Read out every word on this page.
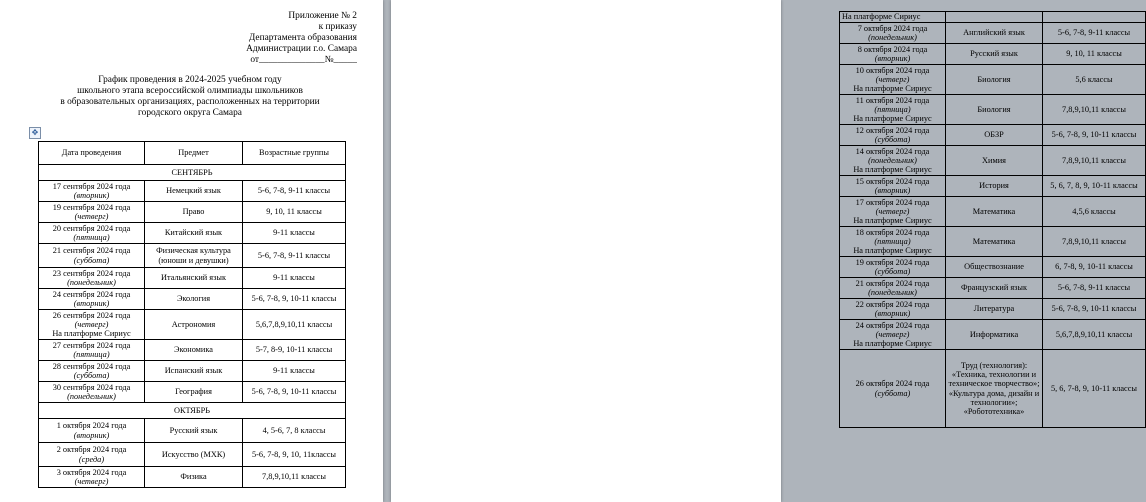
Приложение № 2
к приказу
Департамента образования
Администрации г.о. Самара
от______________№_____
График проведения в 2024-2025 учебном году
школьного этапа всероссийской олимпиады школьников
в образовательных организациях, расположенных на территории
городского округа Самара
✥
Дата проведения	Предмет	Возрастные группы
СЕНТЯБРЬ		

17 сентября 2024 года
(вторник)	Немецкий язык	5-6, 7-8, 9-11 классы

19 сентября 2024 года
(четверг)	Право	9, 10, 11 классы

20 сентября 2024 года
(пятница)	Китайский язык	9-11 классы

21 сентября 2024 года
(суббота)	Физическая культура (юноши и девушки)	5-6, 7-8, 9-11 классы

23 сентября 2024 года
(понедельник)	Итальянский язык	9-11 классы

24 сентября 2024 года
(вторник)	Экология	5-6, 7-8, 9, 10-11 классы

26 сентября 2024 года
(четверг)
На платформе Сириус	Астрономия	5,6,7,8,9,10,11 классы

27 сентября 2024 года
(пятница)	Экономика	5-7, 8-9, 10-11 классы

28 сентября 2024 года
(суббота)	Испанский язык	9-11 классы

30 сентября 2024 года
(понедельник)	География	5-6, 7-8, 9, 10-11 классы
ОКТЯБРЬ		

1 октября 2024 года
(вторник)	Русский язык	4, 5-6, 7, 8 классы

2 октября 2024 года
(среда)	Искусство (МХК)	5-6, 7-8, 9, 10, 11классы

3 октября 2024 года
(четверг)	Физика	7,8,9,10,11 классы
На платформе Сириус		

7 октября 2024 года
(понедельник)	Английский язык	5-6, 7-8, 9-11 классы

8 октября 2024 года
(вторник)	Русский язык	9, 10, 11 классы

10 октября 2024 года
(четверг)
На платформе Сириус	Биология	5,6 классы

11 октября 2024 года
(пятница)
На платформе Сириус	Биология	7,8,9,10,11 классы

12 октября 2024 года
(суббота)	ОБЗР	5-6, 7-8, 9, 10-11 классы

14 октября 2024 года
(понедельник)
На платформе Сириус	Химия	7,8,9,10,11 классы

15 октября 2024 года
(вторник)	История	5, 6, 7, 8, 9, 10-11 классы

17 октября 2024 года
(четверг)
На платформе Сириус	Математика	4,5,6 классы

18 октября 2024 года
(пятница)
На платформе Сириус	Математика	7,8,9,10,11 классы

19 октября 2024 года
(суббота)	Обществознание	6, 7-8, 9, 10-11 классы

21 октября 2024 года
(понедельник)	Французский язык	5-6, 7-8, 9-11 классы

22 октября 2024 года
(вторник)	Литература	5-6, 7-8, 9, 10-11 классы

24 октября 2024 года
(четверг)
На платформе Сириус	Информатика	5,6,7,8,9,10,11 классы

26 октября 2024 года
(суббота)	Труд (технология): «Техника, технологии и техническое творчество»; «Культура дома, дизайн и технологии»; «Робототехника»	5, 6, 7-8, 9, 10-11 классы
